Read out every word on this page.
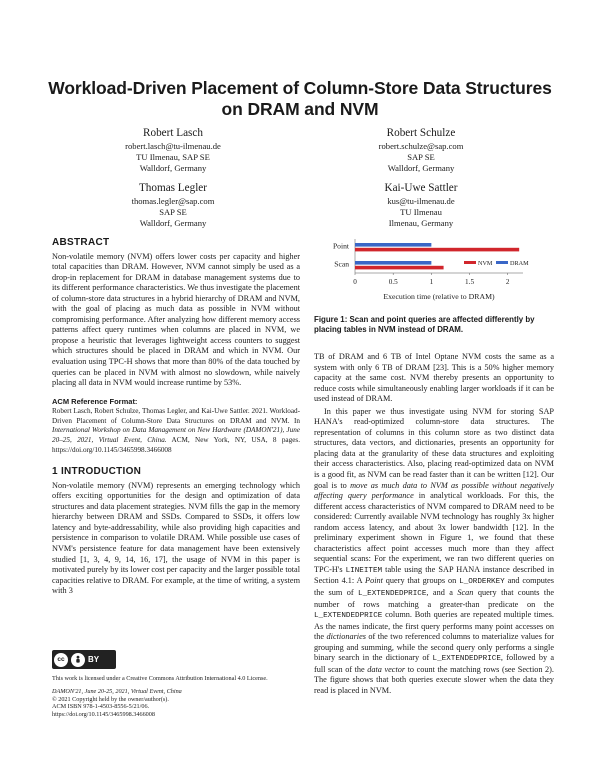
Workload-Driven Placement of Column-Store Data Structures
on DRAM and NVM
Robert Lasch
robert.lasch@tu-ilmenau.de
TU Ilmenau, SAP SE
Walldorf, Germany
Robert Schulze
robert.schulze@sap.com
SAP SE
Walldorf, Germany
Thomas Legler
thomas.legler@sap.com
SAP SE
Walldorf, Germany
Kai-Uwe Sattler
kus@tu-ilmenau.de
TU Ilmenau
Ilmenau, Germany
ABSTRACT

Non-volatile memory (NVM) offers lower costs per capacity and higher total capacities than DRAM. However, NVM cannot simply be used as a drop-in replacement for DRAM in database management systems due to its different performance characteristics. We thus investigate the placement of column-store data structures in a hybrid hierarchy of DRAM and NVM, with the goal of placing as much data as possible in NVM without compromising performance. After analyzing how different memory access patterns affect query runtimes when columns are placed in NVM, we propose a heuristic that leverages lightweight access counters to suggest which structures should be placed in DRAM and which in NVM. Our evaluation using TPC-H shows that more than 80% of the data touched by queries can be placed in NVM with almost no slowdown, while naively placing all data in NVM would increase runtime by 53%.

ACM Reference Format:
Robert Lasch, Robert Schulze, Thomas Legler, and Kai-Uwe Sattler. 2021. Workload-Driven Placement of Column-Store Data Structures on DRAM and NVM. In International Workshop on Data Management on New Hardware (DAMON'21), June 20–25, 2021, Virtual Event, China. ACM, New York, NY, USA, 8 pages. https://doi.org/10.1145/3465998.3466008
1 INTRODUCTION

Non-volatile memory (NVM) represents an emerging technology which offers exciting opportunities for the design and optimization of data structures and data placement strategies. NVM fills the gap in the memory hierarchy between DRAM and SSDs. Compared to SSDs, it offers low latency and byte-addressability, while also providing high capacities and persistence in comparison to volatile DRAM. While possible use cases of NVM's persistence feature for data management have been extensively studied [1, 3, 4, 9, 14, 16, 17], the usage of NVM in this paper is motivated purely by its lower cost per capacity and the larger possible total capacities relative to DRAM. For example, at the time of writing, a system with 3

cc	BY
This work is licensed under a Creative Commons Attribution International 4.0 License.
DAMON'21, June 20-25, 2021, Virtual Event, China
© 2021 Copyright held by the owner/author(s).
ACM ISBN 978-1-4503-8556-5/21/06.
https://doi.org/10.1145/3465998.3466008
0	0.5	1	1.5	2
Point
Scan	NVM	DRAM
Execution time (relative to DRAM)
Figure 1: Scan and point queries are affected differently by placing tables in NVM instead of DRAM.

TB of DRAM and 6 TB of Intel Optane NVM costs the same as a system with only 6 TB of DRAM [23]. This is a 50% higher memory capacity at the same cost. NVM thereby presents an opportunity to reduce costs while simultaneously enabling larger workloads if it can be used instead of DRAM.

In this paper we thus investigate using NVM for storing SAP HANA's read-optimized column-store data structures. The representation of columns in this column store as two distinct data structures, data vectors, and dictionaries, presents an opportunity for placing data at the granularity of these data structures and exploiting their access characteristics. Also, placing read-optimized data on NVM is a good fit, as NVM can be read faster than it can be written [12]. Our goal is to move as much data to NVM as possible without negatively affecting query performance in analytical workloads. For this, the different access characteristics of NVM compared to DRAM need to be considered: Currently available NVM technology has roughly 3x higher random access latency, and about 3x lower bandwidth [12]. In the preliminary experiment shown in Figure 1, we found that these characteristics affect point accesses much more than they affect sequential scans: For the experiment, we ran two different queries on TPC-H's LINEITEM table using the SAP HANA instance described in Section 4.1: A Point query that groups on L_ORDERKEY and computes the sum of L_EXTENDEDPRICE, and a Scan query that counts the number of rows matching a greater-than predicate on the L_EXTENDEDPRICE column. Both queries are repeated multiple times. As the names indicate, the first query performs many point accesses on the dictionaries of the two referenced columns to materialize values for grouping and summing, while the second query only performs a single binary search in the dictionary of L_EXTENDEDPRICE, followed by a full scan of the data vector to count the matching rows (see Section 2). The figure shows that both queries execute slower when the data they read is placed in NVM.
